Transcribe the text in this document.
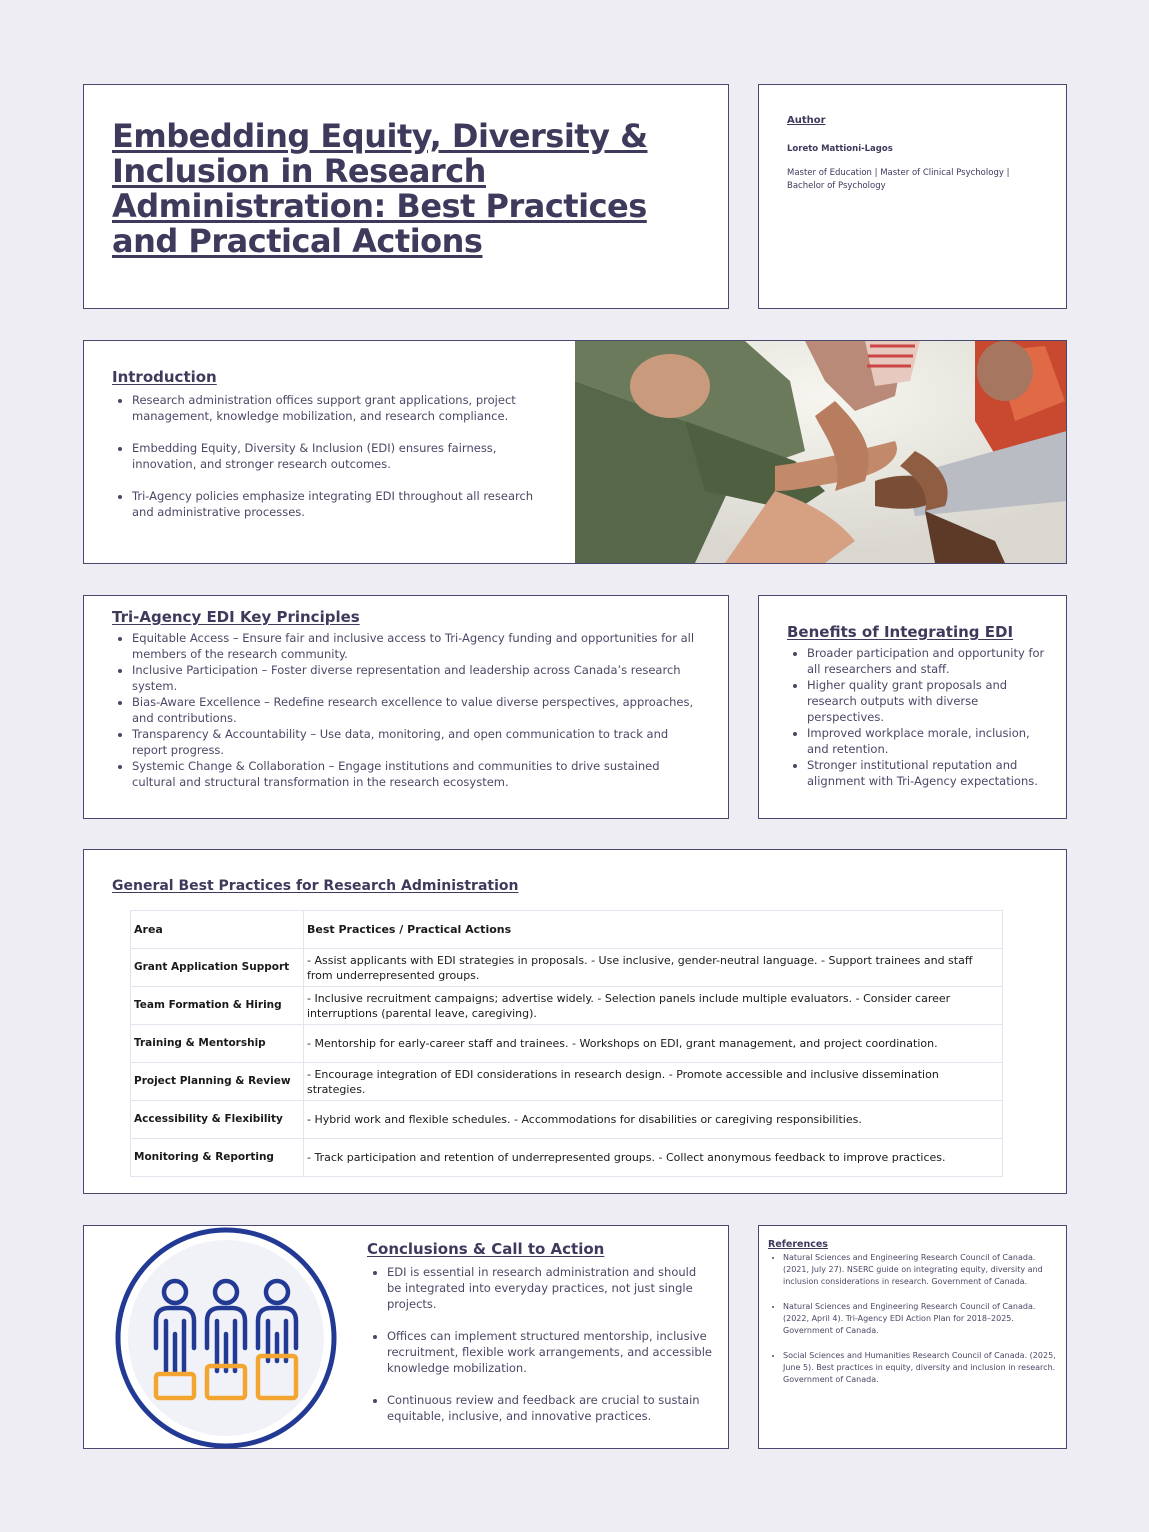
Embedding Equity, Diversity & Inclusion in Research Administration: Best Practices and Practical Actions
Author
Loreto Mattioni-Lagos
Master of Education | Master of Clinical Psychology | Bachelor of Psychology
Introduction
• Research administration offices support grant applications, project management, knowledge mobilization, and research compliance.
• Embedding Equity, Diversity & Inclusion (EDI) ensures fairness, innovation, and stronger research outcomes.
• Tri-Agency policies emphasize integrating EDI throughout all research and administrative processes.
Tri-Agency EDI Key Principles
• Equitable Access – Ensure fair and inclusive access to Tri-Agency funding and opportunities for all members of the research community.
• Inclusive Participation – Foster diverse representation and leadership across Canada’s research system.
• Bias-Aware Excellence – Redefine research excellence to value diverse perspectives, approaches, and contributions.
• Transparency & Accountability – Use data, monitoring, and open communication to track and report progress.
• Systemic Change & Collaboration – Engage institutions and communities to drive sustained cultural and structural transformation in the research ecosystem.
Benefits of Integrating EDI
• Broader participation and opportunity for all researchers and staff.
• Higher quality grant proposals and research outputs with diverse perspectives.
• Improved workplace morale, inclusion, and retention.
• Stronger institutional reputation and alignment with Tri-Agency expectations.
General Best Practices for Research Administration
Area	Best Practices / Practical Actions
Grant Application Support	- Assist applicants with EDI strategies in proposals. - Use inclusive, gender-neutral language. - Support trainees and staff from underrepresented groups.
Team Formation & Hiring	- Inclusive recruitment campaigns; advertise widely. - Selection panels include multiple evaluators. - Consider career interruptions (parental leave, caregiving).
Training & Mentorship	- Mentorship for early-career staff and trainees. - Workshops on EDI, grant management, and project coordination.
Project Planning & Review	- Encourage integration of EDI considerations in research design. - Promote accessible and inclusive dissemination strategies.
Accessibility & Flexibility	- Hybrid work and flexible schedules. - Accommodations for disabilities or caregiving responsibilities.
Monitoring & Reporting	- Track participation and retention of underrepresented groups. - Collect anonymous feedback to improve practices.
Conclusions & Call to Action
• EDI is essential in research administration and should be integrated into everyday practices, not just single projects.
• Offices can implement structured mentorship, inclusive recruitment, flexible work arrangements, and accessible knowledge mobilization.
• Continuous review and feedback are crucial to sustain equitable, inclusive, and innovative practices.
References
• Natural Sciences and Engineering Research Council of Canada. (2021, July 27). NSERC guide on integrating equity, diversity and inclusion considerations in research. Government of Canada.
• Natural Sciences and Engineering Research Council of Canada. (2022, April 4). Tri-Agency EDI Action Plan for 2018–2025. Government of Canada.
• Social Sciences and Humanities Research Council of Canada. (2025, June 5). Best practices in equity, diversity and inclusion in research. Government of Canada.
